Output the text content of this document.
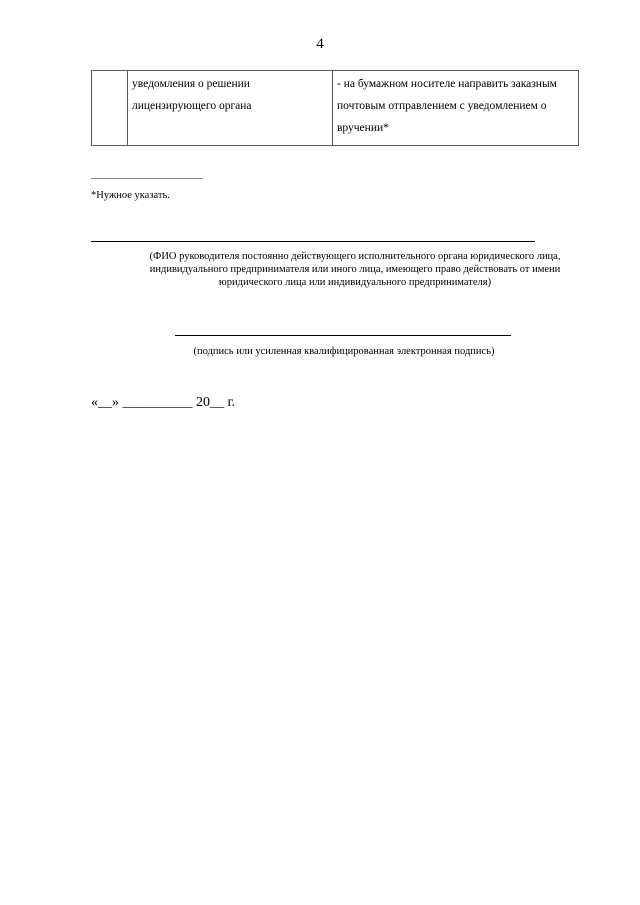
4
	уведомления о решении лицензирующего органа	- на бумажном носителе направить заказным почтовым отправлением с уведомлением о вручении*
*Нужное указать.
(ФИО руководителя постоянно действующего исполнительного органа юридического лица, индивидуального предпринимателя или иного лица, имеющего право действовать от имени юридического лица или индивидуального предпринимателя)
(подпись или усиленная квалифицированная электронная подпись)
«__» __________ 20__ г.
